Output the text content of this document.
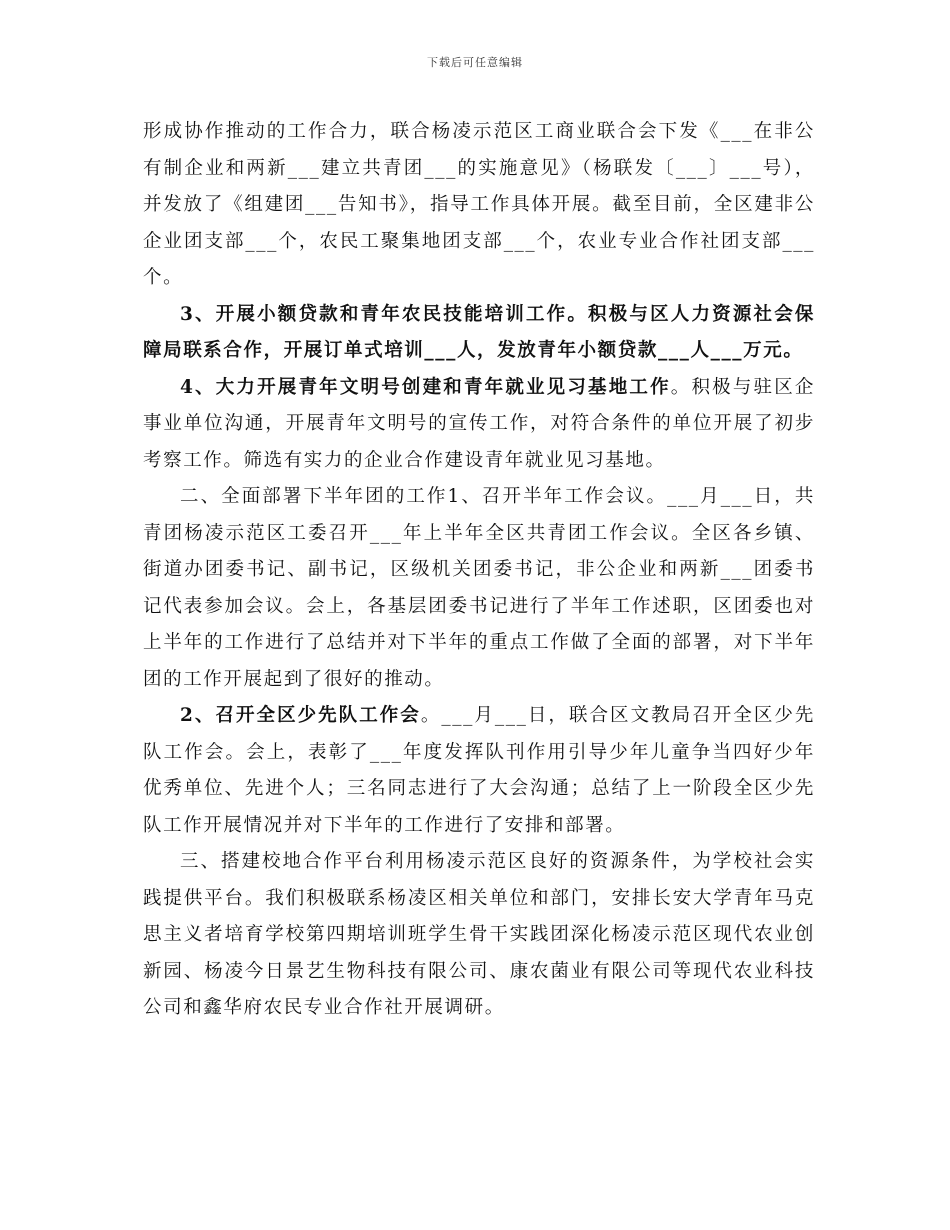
下载后可任意编辑

形成协作推动的工作合力，联合杨凌示范区工商业联合会下发《___在非公有制企业和两新___建立共青团___的实施意见》（杨联发〔___〕___号），并发放了《组建团___告知书》，指导工作具体开展。截至目前，全区建非公企业团支部___个，农民工聚集地团支部___个，农业专业合作社团支部___个。

3、开展小额贷款和青年农民技能培训工作。积极与区人力资源社会保障局联系合作，开展订单式培训___人，发放青年小额贷款___人___万元。

4、大力开展青年文明号创建和青年就业见习基地工作。积极与驻区企事业单位沟通，开展青年文明号的宣传工作，对符合条件的单位开展了初步考察工作。筛选有实力的企业合作建设青年就业见习基地。

二、全面部署下半年团的工作1、召开半年工作会议。___月___日，共青团杨凌示范区工委召开___年上半年全区共青团工作会议。全区各乡镇、街道办团委书记、副书记，区级机关团委书记，非公企业和两新___团委书记代表参加会议。会上，各基层团委书记进行了半年工作述职，区团委也对上半年的工作进行了总结并对下半年的重点工作做了全面的部署，对下半年团的工作开展起到了很好的推动。

2、召开全区少先队工作会。___月___日，联合区文教局召开全区少先队工作会。会上，表彰了___年度发挥队刊作用引导少年儿童争当四好少年优秀单位、先进个人；三名同志进行了大会沟通；总结了上一阶段全区少先队工作开展情况并对下半年的工作进行了安排和部署。

三、搭建校地合作平台利用杨凌示范区良好的资源条件，为学校社会实践提供平台。我们积极联系杨凌区相关单位和部门，安排长安大学青年马克思主义者培育学校第四期培训班学生骨干实践团深化杨凌示范区现代农业创新园、杨凌今日景艺生物科技有限公司、康农菌业有限公司等现代农业科技公司和鑫华府农民专业合作社开展调研。
